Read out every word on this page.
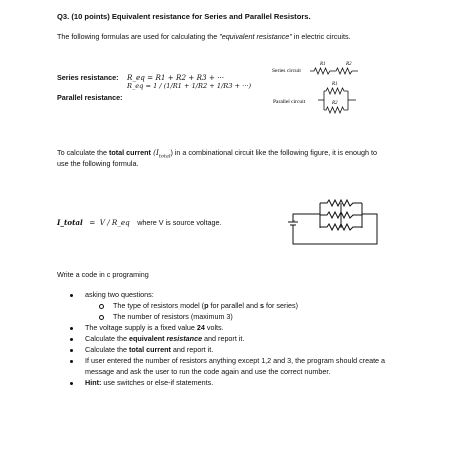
Q3. (10 points) Equivalent resistance for Series and Parallel Resistors.
The following formulas are used for calculating the "equivalent resistance" in electric circuits.
Series resistance: R_eq = R1 + R2 + R3 + ···
Parallel resistance:
R_eq = 1 / (1/R1 + 1/R2 + 1/R3 + ···)
Series circuit
Parallel circuit
R1	R2
R1
R2
To calculate the total current $(I_{total})$ in a combinational circuit like the following figure, it is enough to
use the following formula.
I_total = V / R_eq where V is source voltage.	+
Write a code in c programing
asking two questions:
The type of resistors model (p for parallel and s for series)
The number of resistors (maximum 3)
The voltage supply is a fixed value 24 volts.
Calculate the equivalent resistance and report it.
Calculate the total current and report it.
If user entered the number of resistors anything except 1,2 and 3, the program should create a
message and ask the user to run the code again and use the correct number.
Hint: use switches or else-if statements.
